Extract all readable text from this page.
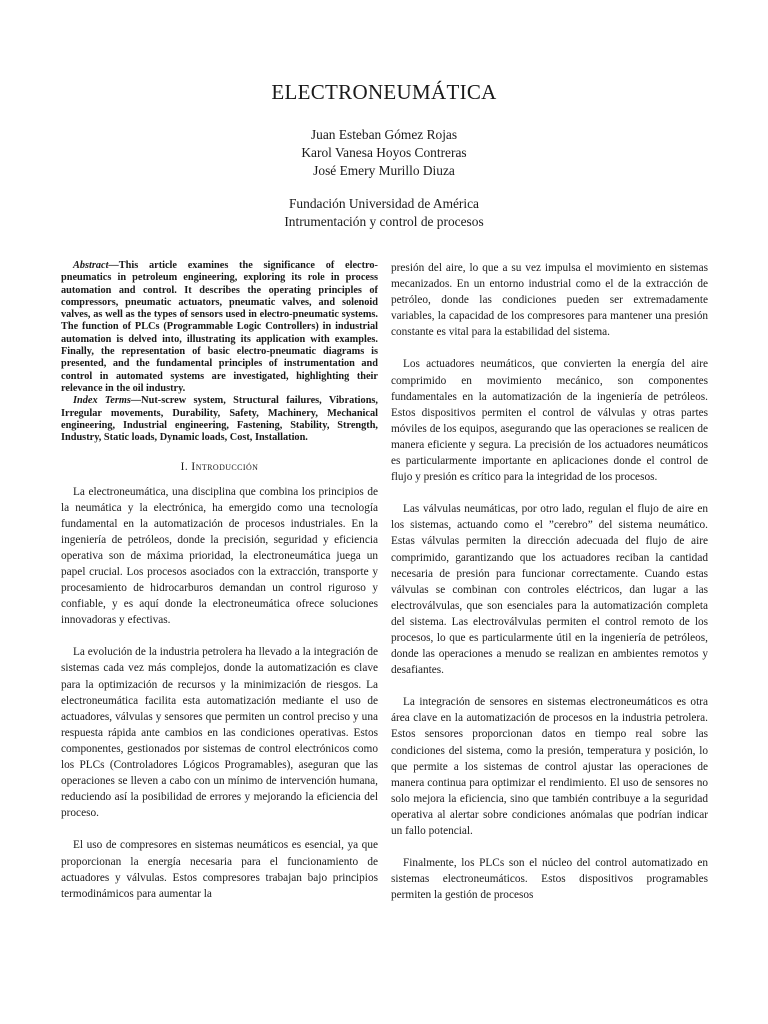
ELECTRONEUMÁTICA
Juan Esteban Gómez Rojas
Karol Vanesa Hoyos Contreras
José Emery Murillo Diuza
Fundación Universidad de América
Intrumentación y control de procesos
Abstract—This article examines the significance of electro-pneumatics in petroleum engineering, exploring its role in process automation and control. It describes the operating principles of compressors, pneumatic actuators, pneumatic valves, and solenoid valves, as well as the types of sensors used in electro-pneumatic systems. The function of PLCs (Programmable Logic Controllers) in industrial automation is delved into, illustrating its application with examples. Finally, the representation of basic electro-pneumatic diagrams is presented, and the fundamental principles of instrumentation and control in automated systems are investigated, highlighting their relevance in the oil industry.
Index Terms—Nut-screw system, Structural failures, Vibrations, Irregular movements, Durability, Safety, Machinery, Mechanical engineering, Industrial engineering, Fastening, Stability, Strength, Industry, Static loads, Dynamic loads, Cost, Installation.
I. Introducción

La electroneumática, una disciplina que combina los principios de la neumática y la electrónica, ha emergido como una tecnología fundamental en la automatización de procesos industriales. En la ingeniería de petróleos, donde la precisión, seguridad y eficiencia operativa son de máxima prioridad, la electroneumática juega un papel crucial. Los procesos asociados con la extracción, transporte y procesamiento de hidrocarburos demandan un control riguroso y confiable, y es aquí donde la electroneumática ofrece soluciones innovadoras y efectivas.

La evolución de la industria petrolera ha llevado a la integración de sistemas cada vez más complejos, donde la automatización es clave para la optimización de recursos y la minimización de riesgos. La electroneumática facilita esta automatización mediante el uso de actuadores, válvulas y sensores que permiten un control preciso y una respuesta rápida ante cambios en las condiciones operativas. Estos componentes, gestionados por sistemas de control electrónicos como los PLCs (Controladores Lógicos Programables), aseguran que las operaciones se lleven a cabo con un mínimo de intervención humana, reduciendo así la posibilidad de errores y mejorando la eficiencia del proceso.

El uso de compresores en sistemas neumáticos es esencial, ya que proporcionan la energía necesaria para el funcionamiento de actuadores y válvulas. Estos compresores trabajan bajo principios termodinámicos para aumentar la

presión del aire, lo que a su vez impulsa el movimiento en sistemas mecanizados. En un entorno industrial como el de la extracción de petróleo, donde las condiciones pueden ser extremadamente variables, la capacidad de los compresores para mantener una presión constante es vital para la estabilidad del sistema.

Los actuadores neumáticos, que convierten la energía del aire comprimido en movimiento mecánico, son componentes fundamentales en la automatización de la ingeniería de petróleos. Estos dispositivos permiten el control de válvulas y otras partes móviles de los equipos, asegurando que las operaciones se realicen de manera eficiente y segura. La precisión de los actuadores neumáticos es particularmente importante en aplicaciones donde el control de flujo y presión es crítico para la integridad de los procesos.

Las válvulas neumáticas, por otro lado, regulan el flujo de aire en los sistemas, actuando como el ”cerebro” del sistema neumático. Estas válvulas permiten la dirección adecuada del flujo de aire comprimido, garantizando que los actuadores reciban la cantidad necesaria de presión para funcionar correctamente. Cuando estas válvulas se combinan con controles eléctricos, dan lugar a las electroválvulas, que son esenciales para la automatización completa del sistema. Las electroválvulas permiten el control remoto de los procesos, lo que es particularmente útil en la ingeniería de petróleos, donde las operaciones a menudo se realizan en ambientes remotos y desafiantes.

La integración de sensores en sistemas electroneumáticos es otra área clave en la automatización de procesos en la industria petrolera. Estos sensores proporcionan datos en tiempo real sobre las condiciones del sistema, como la presión, temperatura y posición, lo que permite a los sistemas de control ajustar las operaciones de manera continua para optimizar el rendimiento. El uso de sensores no solo mejora la eficiencia, sino que también contribuye a la seguridad operativa al alertar sobre condiciones anómalas que podrían indicar un fallo potencial.

Finalmente, los PLCs son el núcleo del control automatizado en sistemas electroneumáticos. Estos dispositivos programables permiten la gestión de procesos
